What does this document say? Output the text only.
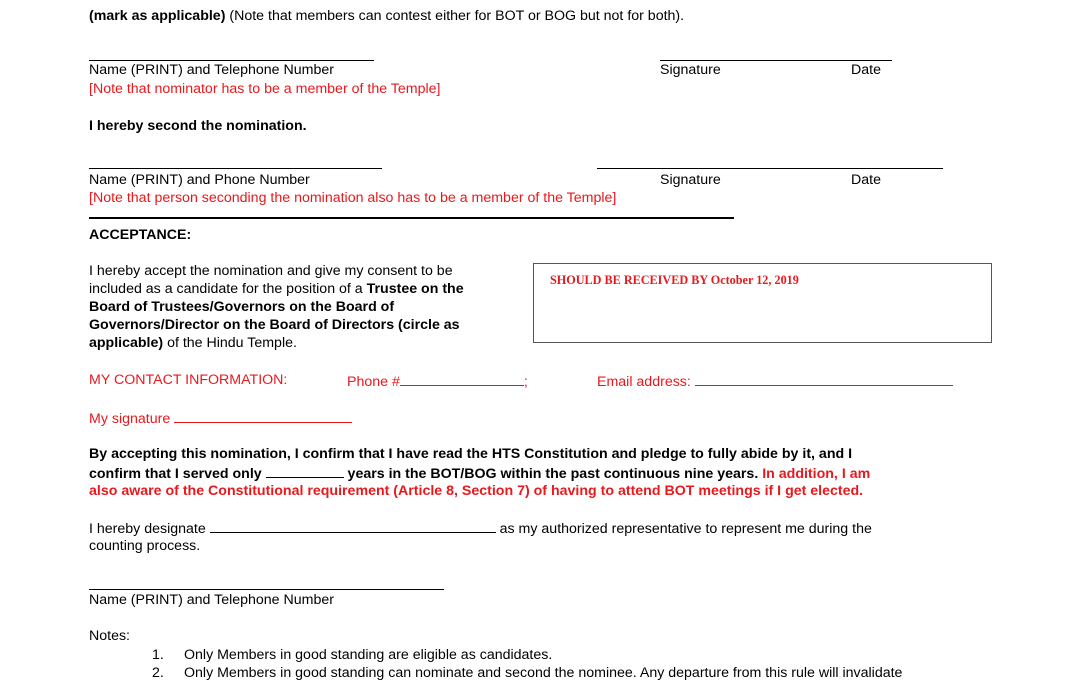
(mark as applicable) (Note that members can contest either for BOT or BOG but not for both).
Name (PRINT) and Telephone Number	Signature	Date
[Note that nominator has to be a member of the Temple]
I hereby second the nomination.
Name (PRINT) and Phone Number	Signature	Date
[Note that person seconding the nomination also has to be a member of the Temple]
ACCEPTANCE:
I hereby accept the nomination and give my consent to be
included as a candidate for the position of a Trustee on the
Board of Trustees/Governors on the Board of
Governors/Director on the Board of Directors (circle as
applicable) of the Hindu Temple.
SHOULD BE RECEIVED BY October 12, 2019
MY CONTACT INFORMATION:	Phone #	;	Email address:
My signature
By accepting this nomination, I confirm that I have read the HTS Constitution and pledge to fully abide by it, and I
confirm that I served only	years in the BOT/BOG within the past continuous nine years. In addition, I am
also aware of the Constitutional requirement (Article 8, Section 7) of having to attend BOT meetings if I get elected.
I hereby designate	as my authorized representative to represent me during the
counting process.
Name (PRINT) and Telephone Number
Notes:
1. Only Members in good standing are eligible as candidates.
2. Only Members in good standing can nominate and second the nominee. Any departure from this rule will invalidate
